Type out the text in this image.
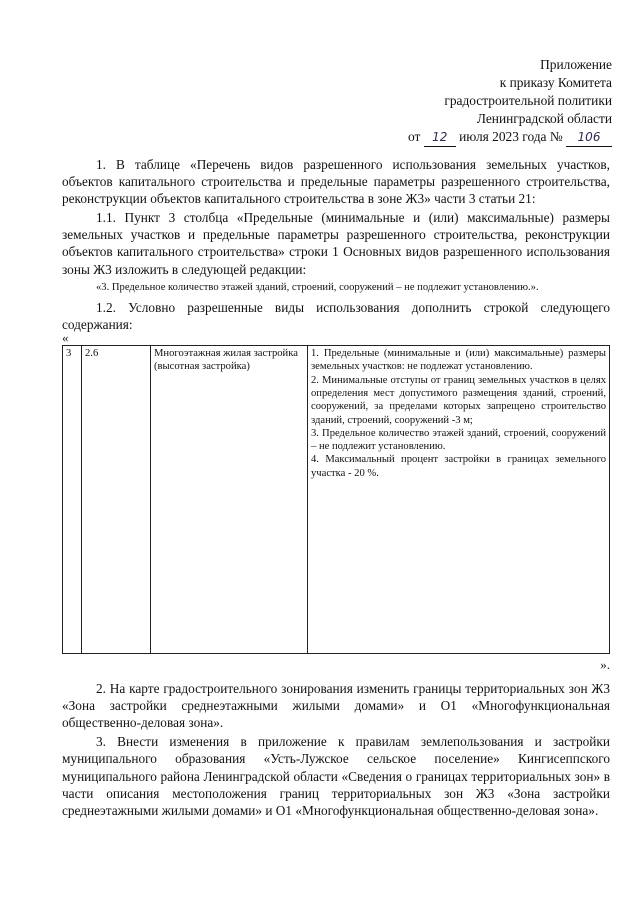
Приложение
к приказу Комитета
градостроительной политики
Ленинградской области
от 12 июля 2023 года № 106

1. В таблице «Перечень видов разрешенного использования земельных участков, объектов капитального строительства и предельные параметры разрешенного строительства, реконструкции объектов капитального строительства в зоне Ж3» части 3 статьи 21:

1.1. Пункт 3 столбца «Предельные (минимальные и (или) максимальные) размеры земельных участков и предельные параметры разрешенного строительства, реконструкции объектов капитального строительства» строки 1 Основных видов разрешенного использования зоны Ж3 изложить в следующей редакции:

«3. Предельное количество этажей зданий, строений, сооружений – не подлежит установлению.».

1.2. Условно разрешенные виды использования дополнить строкой следующего содержания:

«
3	2.6	Многоэтажная жилая застройка (высотная застройка)	
1. Предельные (минимальные и (или) максимальные) размеры земельных участков: не подлежат установлению.
2. Минимальные отступы от границ земельных участков в целях определения мест допустимого размещения зданий, строений, сооружений, за пределами которых запрещено строительство зданий, строений, сооружений -3 м;
3. Предельное количество этажей зданий, строений, сооружений – не подлежит установлению.
4. Максимальный процент застройки в границах земельного участка - 20 %.
».

2. На карте градостроительного зонирования изменить границы территориальных зон Ж3 «Зона застройки среднеэтажными жилыми домами» и О1 «Многофункциональная общественно-деловая зона».

3. Внести изменения в приложение к правилам землепользования и застройки муниципального образования «Усть-Лужское сельское поселение» Кингисеппского муниципального района Ленинградской области «Сведения о границах территориальных зон» в части описания местоположения границ территориальных зон Ж3 «Зона застройки среднеэтажными жилыми домами» и О1 «Многофункциональная общественно-деловая зона».
